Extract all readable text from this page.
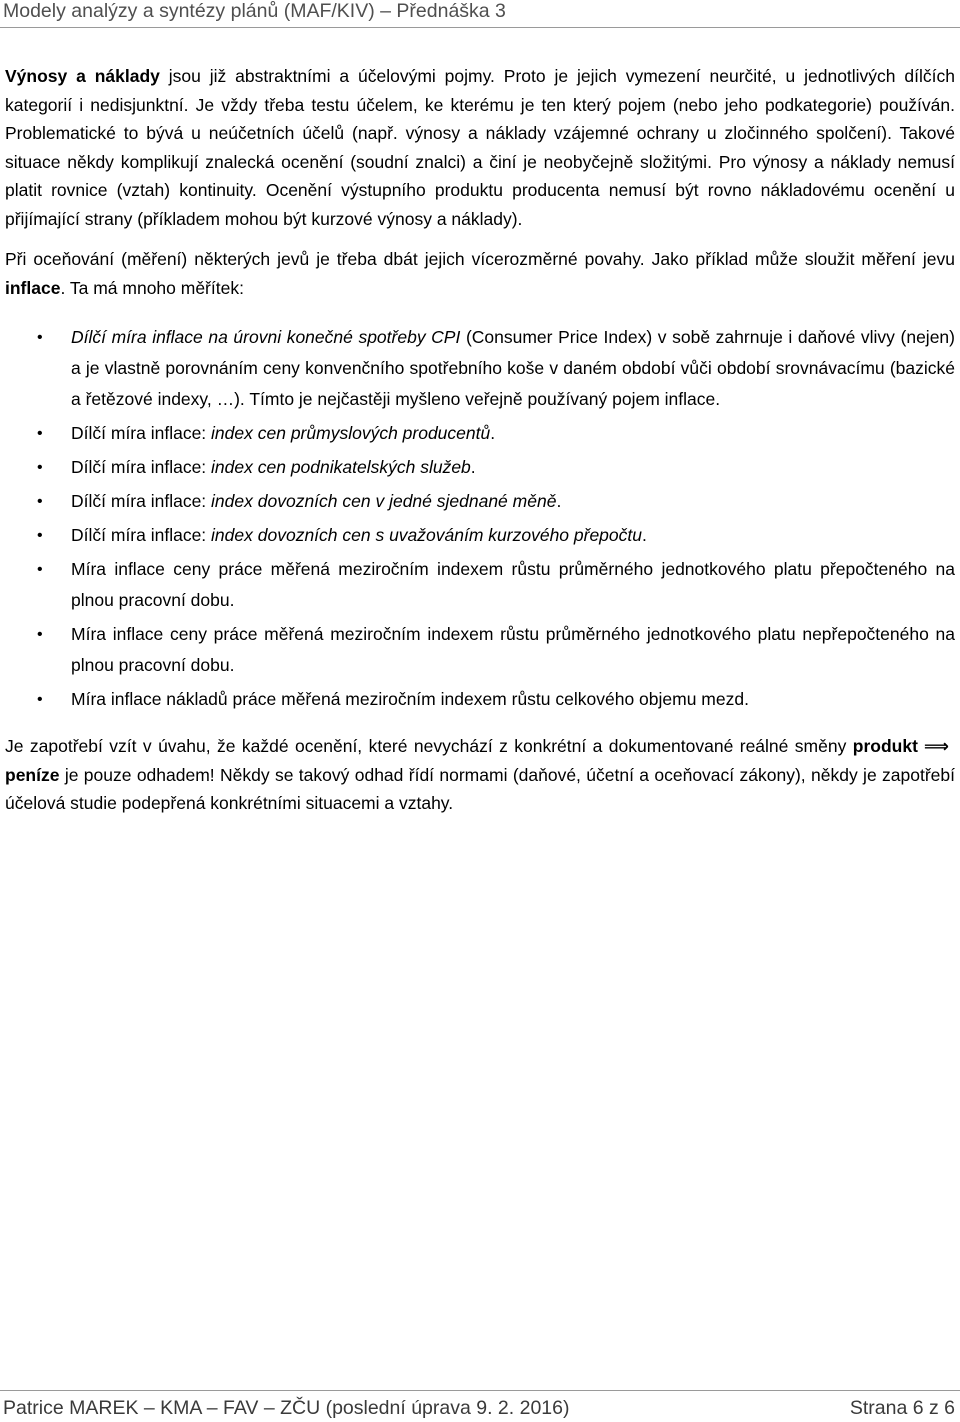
Modely analýzy a syntézy plánů (MAF/KIV) – Přednáška 3

Výnosy a náklady jsou již abstraktními a účelovými pojmy. Proto je jejich vymezení neurčité, u jednotlivých dílčích kategorií i nedisjunktní. Je vždy třeba testu účelem, ke kterému je ten který pojem (nebo jeho podkategorie) používán. Problematické to bývá u neúčetních účelů (např. výnosy a náklady vzájemné ochrany u zločinného spolčení). Takové situace někdy komplikují znalecká ocenění (soudní znalci) a činí je neobyčejně složitými. Pro výnosy a náklady nemusí platit rovnice (vztah) kontinuity. Ocenění výstupního produktu producenta nemusí být rovno nákladovému ocenění u přijímající strany (příkladem mohou být kurzové výnosy a náklady).

Při oceňování (měření) některých jevů je třeba dbát jejich vícerozměrné povahy. Jako příklad může sloužit měření jevu inflace. Ta má mnoho měřítek:

• Dílčí míra inflace na úrovni konečné spotřeby CPI (Consumer Price Index) v sobě zahrnuje i daňové vlivy (nejen) a je vlastně porovnáním ceny konvenčního spotřebního koše v daném období vůči období srovnávacímu (bazické a řetězové indexy, …). Tímto je nejčastěji myšleno veřejně používaný pojem inflace.
• Dílčí míra inflace: index cen průmyslových producentů.
• Dílčí míra inflace: index cen podnikatelských služeb.
• Dílčí míra inflace: index dovozních cen v jedné sjednané měně.
• Dílčí míra inflace: index dovozních cen s uvažováním kurzového přepočtu.
• Míra inflace ceny práce měřená meziročním indexem růstu průměrného jednotkového platu přepočteného na plnou pracovní dobu.
• Míra inflace ceny práce měřená meziročním indexem růstu průměrného jednotkového platu nepřepočteného na plnou pracovní dobu.
• Míra inflace nákladů práce měřená meziročním indexem růstu celkového objemu mezd.

Je zapotřebí vzít v úvahu, že každé ocenění, které nevychází z konkrétní a dokumentované reálné směny produkt ⟹peníze je pouze odhadem! Někdy se takový odhad řídí normami (daňové, účetní a oceňovací zákony), někdy je zapotřebí účelová studie podepřená konkrétními situacemi a vztahy.

Patrice MAREK – KMA – FAV – ZČU (poslední úprava 9. 2. 2016)	Strana 6 z 6
